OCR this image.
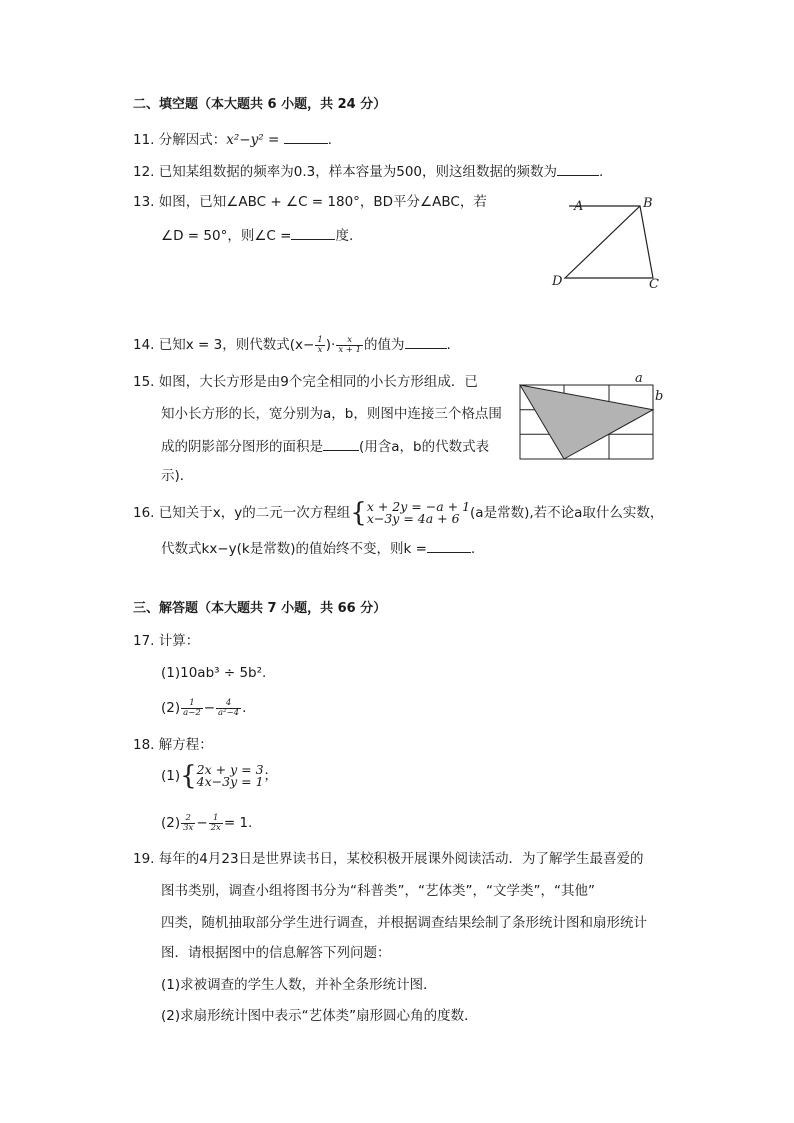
二、填空题（本大题共 6 小题，共 24 分）
11. 分解因式：x²−y² =	.
12. 已知某组数据的频率为0.3，样本容量为500，则这组数据的频数为	.
13. 如图，已知∠ABC + ∠C = 180°，BD平分∠ABC，若
∠D = 50°，则∠C =	度.
A	B
D	C
14. 已知x = 3，则代数式($x- \frac{1}{x}$ )· $\frac{x}{x + 1}$ 的值为	.
15. 如图，大长方形是由9个完全相同的小长方形组成．已
知小长方形的长，宽分别为a，b，则图中连接三个格点围
成的阴影部分图形的面积是	(用含a，b的代数式表
示)．
a
b
16. 已知关于x，y的二元一次方程组{ x + 2y = −a + 1
x−3y = 4a + 6 (a是常数),若不论a取什么实数，
代数式kx−y(k是常数)的值始终不变，则k =	.
三、解答题（本大题共 7 小题，共 66 分）
17. 计算：
(1)10ab³ ÷ 5b².
$(2) \frac{1}{a-2} - \frac{4}{\text{a²−4}}$ .
18. 解方程：
(1){ 2x + y = 3
4x−3y = 1 ；
$(2) \frac{2}{3x} - \frac{1}{2x} = 1$.
19. 每年的4月23日是世界读书日，某校积极开展课外阅读活动．为了解学生最喜爱的
图书类别，调查小组将图书分为“科普类”，“艺体类”，“文学类”，“其他”
四类，随机抽取部分学生进行调查，并根据调查结果绘制了条形统计图和扇形统计
图．请根据图中的信息解答下列问题：
(1)求被调查的学生人数，并补全条形统计图．
(2)求扇形统计图中表示“艺体类”扇形圆心角的度数．
